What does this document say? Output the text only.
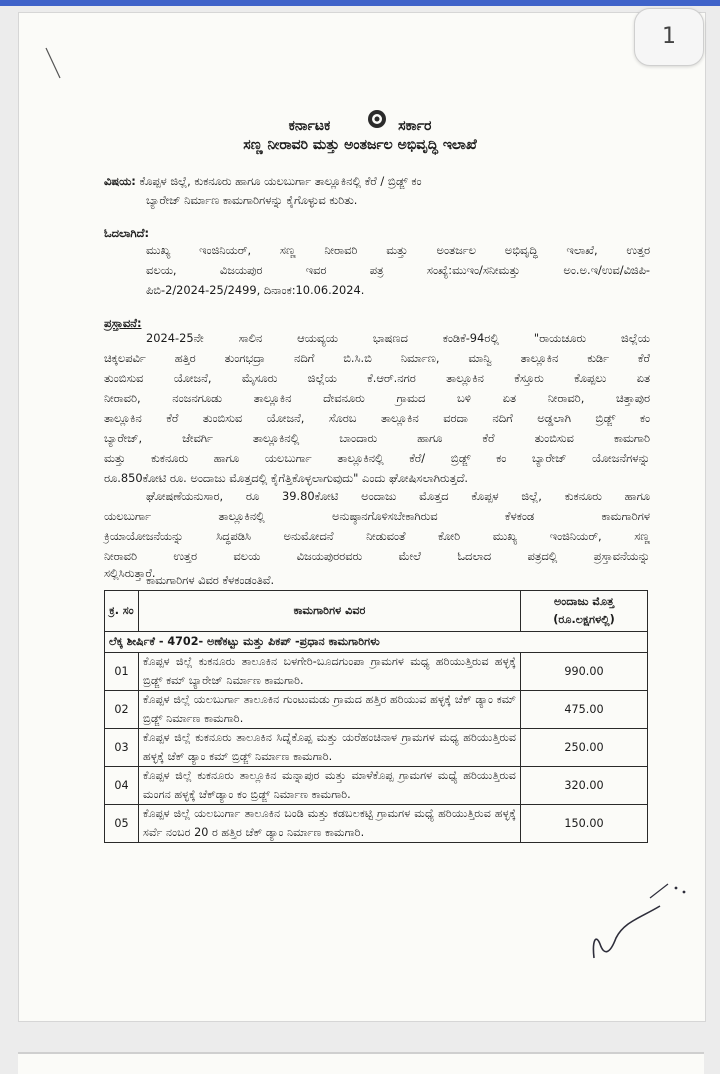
1
ಕರ್ನಾಟಕ	ಸರ್ಕಾರ
ಸಣ್ಣ ನೀರಾವರಿ ಮತ್ತು ಅಂತರ್ಜಲ ಅಭಿವೃದ್ಧಿ ಇಲಾಖೆ
ವಿಷಯ: ಕೊಪ್ಪಳ ಜಿಲ್ಲೆ, ಕುಕನೂರು ಹಾಗೂ ಯಲಬುರ್ಗಾ ತಾಲ್ಲೂಕಿನಲ್ಲಿ ಕೆರೆ / ಬ್ರಿಡ್ಜ್ ಕಂ
ಬ್ಯಾರೇಜ್ ನಿರ್ಮಾಣ ಕಾಮಗಾರಿಗಳನ್ನು ಕೈಗೊಳ್ಳುವ ಕುರಿತು.
ಓದಲಾಗಿದೆ:
ಮುಖ್ಯ ಇಂಜಿನಿಯರ್, ಸಣ್ಣ ನೀರಾವರಿ ಮತ್ತು ಅಂತರ್ಜಲ ಅಭಿವೃದ್ಧಿ ಇಲಾಖೆ, ಉತ್ತರ
ವಲಯ, ವಿಜಯಪುರ ಇವರ ಪತ್ರ ಸಂಖ್ಯೆ:ಮುಇಂ/ಸನೀಮತ್ತು ಅಂ.ಅ.ಇ/ಉವ/ವಿಜಿಪಿ-
ಪಿಬಿ-2/2024-25/2499, ದಿನಾಂಕ:10.06.2024.
ಪ್ರಸ್ತಾವನೆ:
2024-25ನೇ ಸಾಲಿನ ಆಯವ್ಯಯ ಭಾಷಣದ ಕಂಡಿಕೆ-94ರಲ್ಲಿ "ರಾಯಚೂರು ಜಿಲ್ಲೆಯ
ಚಿಕ್ಕಲಪರ್ವಿ ಹತ್ತಿರ ತುಂಗಭದ್ರಾ ನದಿಗೆ ಬಿ.ಸಿ.ಬಿ ನಿರ್ಮಾಣ, ಮಾನ್ವಿ ತಾಲ್ಲೂಕಿನ ಕುರ್ಡಿ ಕೆರೆ
ತುಂಬಿಸುವ ಯೋಜನೆ, ಮೈಸೂರು ಜಿಲ್ಲೆಯ ಕೆ.ಆರ್.ನಗರ ತಾಲ್ಲೂಕಿನ ಕೆಸ್ತೂರು ಕೊಪ್ಪಲು ಏತ
ನೀರಾವರಿ, ನಂಜನಗೂಡು ತಾಲ್ಲೂಕಿನ ದೇವನೂರು ಗ್ರಾಮದ ಬಳಿ ಏತ ನೀರಾವರಿ, ಚಿತ್ತಾಪುರ
ತಾಲ್ಲೂಕಿನ ಕೆರೆ ತುಂಬಿಸುವ ಯೋಜನೆ, ಸೊರಬ ತಾಲ್ಲೂಕಿನ ವರದಾ ನದಿಗೆ ಅಡ್ಡಲಾಗಿ ಬ್ರಿಡ್ಜ್ ಕಂ
ಬ್ಯಾರೇಜ್, ಜೇವರ್ಗಿ ತಾಲ್ಲೂಕಿನಲ್ಲಿ ಬಾಂದಾರು ಹಾಗೂ ಕೆರೆ ತುಂಬಿಸುವ ಕಾಮಗಾರಿ
ಮತ್ತು ಕುಕನೂರು ಹಾಗೂ ಯಲಬುರ್ಗಾ ತಾಲ್ಲೂಕಿನಲ್ಲಿ ಕೆರೆ/ ಬ್ರಿಡ್ಜ್ ಕಂ ಬ್ಯಾರೇಜ್ ಯೋಜನೆಗಳನ್ನು
ರೂ.850ಕೋಟಿ ರೂ. ಅಂದಾಜು ಮೊತ್ತದಲ್ಲಿ ಕೈಗೆತ್ತಿಕೊಳ್ಳಲಾಗುವುದು" ಎಂದು ಘೋಷಿಸಲಾಗಿರುತ್ತದೆ.
ಘೋಷಣೆಯನುಸಾರ, ರೂ 39.80ಕೋಟಿ ಅಂದಾಜು ಮೊತ್ತದ ಕೊಪ್ಪಳ ಜಿಲ್ಲೆ, ಕುಕನೂರು ಹಾಗೂ
ಯಲಬುರ್ಗಾ ತಾಲ್ಲೂಕಿನಲ್ಲಿ ಅನುಷ್ಠಾನಗೊಳಿಸಬೇಕಾಗಿರುವ ಕೆಳಕಂಡ ಕಾಮಗಾರಿಗಳ
ಕ್ರಿಯಾಯೋಜನೆಯನ್ನು ಸಿದ್ಧಪಡಿಸಿ ಅನುಮೋದನೆ ನೀಡುವಂತೆ ಕೋರಿ ಮುಖ್ಯ ಇಂಜಿನಿಯರ್, ಸಣ್ಣ
ನೀರಾವರಿ ಉತ್ತರ ವಲಯ ವಿಜಯಪುರರವರು ಮೇಲೆ ಓದಲಾದ ಪತ್ರದಲ್ಲಿ ಪ್ರಸ್ತಾವನೆಯನ್ನು
ಸಲ್ಲಿಸಿರುತ್ತಾರೆ.
ಕಾಮಗಾರಿಗಳ ವಿವರ ಕೆಳಕಂಡಂತಿವೆ.
ಕ್ರ. ಸಂ	ಕಾಮಗಾರಿಗಳ ವಿವರ	ಅಂದಾಜು ಮೊತ್ತ (ರೂ.ಲಕ್ಷಗಳಲ್ಲಿ)
ಲೆಕ್ಕ ಶೀರ್ಷಿಕೆ - 4702- ಅಣೆಕಟ್ಟು ಮತ್ತು ಪಿಕಪ್ -ಪ್ರಧಾನ ಕಾಮಗಾರಿಗಳು		
01	ಕೊಪ್ಪಳ ಜಿಲ್ಲೆ ಕುಕನೂರು ತಾಲೂಕಿನ ಬಳಗೇರಿ-ಬೂದಗುಂಪಾ ಗ್ರಾಮಗಳ ಮಧ್ಯ ಹರಿಯುತ್ತಿರುವ ಹಳ್ಳಕ್ಕೆ ಬ್ರಿಡ್ಜ್ ಕಮ್ ಬ್ಯಾರೇಜ್ ನಿರ್ಮಾಣ ಕಾಮಗಾರಿ.	990.00
02	ಕೊಪ್ಪಳ ಜಿಲ್ಲೆ ಯಲಬುರ್ಗಾ ತಾಲೂಕಿನ ಗುಂಟುಮಡು ಗ್ರಾಮದ ಹತ್ತಿರ ಹರಿಯುವ ಹಳ್ಳಕ್ಕೆ ಚೆಕ್ ಡ್ಯಾಂ ಕಮ್ ಬ್ರಿಡ್ಜ್ ನಿರ್ಮಾಣ ಕಾಮಗಾರಿ.	475.00
03	ಕೊಪ್ಪಳ ಜಿಲ್ಲೆ ಕುಕನೂರು ತಾಲೂಕಿನ ಸಿದ್ನೆಕೊಪ್ಪ ಮತ್ತು ಯರೆಹಂಚಿನಾಳ ಗ್ರಾಮಗಳ ಮಧ್ಯ ಹರಿಯುತ್ತಿರುವ ಹಳ್ಳಕ್ಕೆ ಚೆಕ್ ಡ್ಯಾಂ ಕಮ್ ಬ್ರಿಡ್ಜ್ ನಿರ್ಮಾಣ ಕಾಮಗಾರಿ.	250.00
04	ಕೊಪ್ಪಳ ಜಿಲ್ಲೆ ಕುಕನೂರು ತಾಲ್ಲೂಕಿನ ಮನ್ನಾಪುರ ಮತ್ತು ಮಾಳೆಕೊಪ್ಪ ಗ್ರಾಮಗಳ ಮಧ್ಯೆ ಹರಿಯುತ್ತಿರುವ ಮಂಗನ ಹಳ್ಳಕ್ಕೆ ಚೆಕ್‌ಡ್ಯಾಂ ಕಂ ಬ್ರಿಡ್ಜ್ ನಿರ್ಮಾಣ ಕಾಮಗಾರಿ.	320.00
05	ಕೊಪ್ಪಳ ಜಿಲ್ಲೆ ಯಲಬುರ್ಗಾ ತಾಲೂಕಿನ ಬಂಡಿ ಮತ್ತು ಕಡಬಲಕಟ್ಟಿ ಗ್ರಾಮಗಳ ಮಧ್ಯೆ ಹರಿಯುತ್ತಿರುವ ಹಳ್ಳಕ್ಕೆ ಸರ್ವೆ ನಂಬರ 20 ರ ಹತ್ತಿರ ಚೆಕ್ ಡ್ಯಾಂ ನಿರ್ಮಾಣ ಕಾಮಗಾರಿ.	150.00
